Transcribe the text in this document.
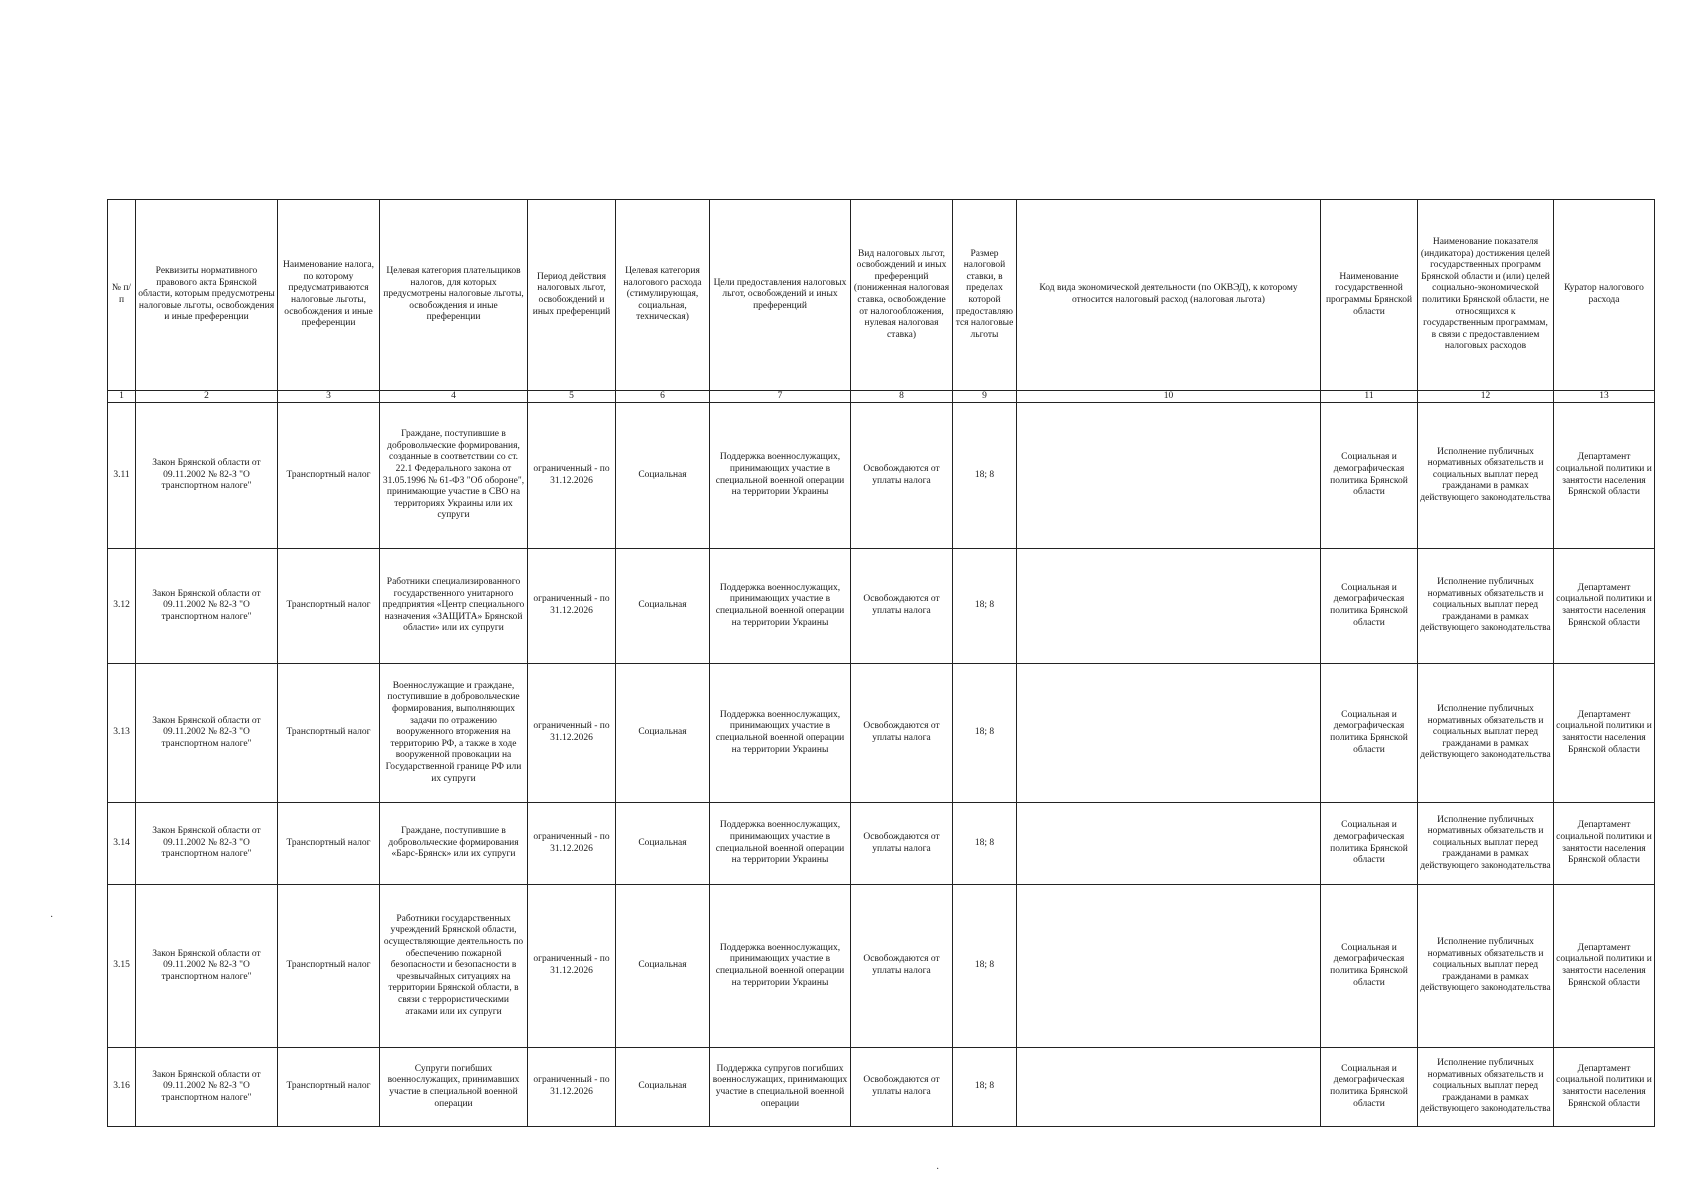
№ п/п	Реквизиты нормативного правового акта Брянской области, которым предусмотрены налоговые льготы, освобождения и иные преференции	Наименование налога, по которому предусматриваются налоговые льготы, освобождения и иные преференции	Целевая категория плательщиков налогов, для которых предусмотрены налоговые льготы, освобождения и иные преференции	Период действия налоговых льгот, освобождений и иных преференций	Целевая категория налогового расхода (стимулирующая, социальная, техническая)	Цели предоставления налоговых льгот, освобождений и иных преференций	Вид налоговых льгот, освобождений и иных преференций (пониженная налоговая ставка, освобождение от налогообложения, нулевая налоговая ставка)	Размер налоговой ставки, в пределах которой предоставляются налоговые льготы	Код вида экономической деятельности (по ОКВЭД), к которому относится налоговый расход (налоговая льгота)	Наименование государственной программы Брянской области	Наименование показателя (индикатора) достижения целей государственных программ Брянской области и (или) целей социально-экономической политики Брянской области, не относящихся к государственным программам, в связи с предоставлением налоговых расходов	Куратор налогового расхода
1	2	3	4	5	6	7	8	9	10	11	12	13
3.11	Закон Брянской области от 09.11.2002 № 82-З "О транспортном налоге"	Транспортный налог	Граждане, поступившие в добровольческие формирования, созданные в соответствии со ст. 22.1 Федерального закона от 31.05.1996 № 61-ФЗ "Об обороне", принимающие участие в СВО на территориях Украины или их супруги	ограниченный - по 31.12.2026	Социальная	Поддержка военнослужащих, принимающих участие в специальной военной операции на территории Украины	Освобождаются от уплаты налога	18; 8		Социальная и демографическая политика Брянской области	Исполнение публичных нормативных обязательств и социальных выплат перед гражданами в рамках действующего законодательства	Департамент социальной политики и занятости населения Брянской области
3.12	Закон Брянской области от 09.11.2002 № 82-З "О транспортном налоге"	Транспортный налог	Работники специализированного государственного унитарного предприятия «Центр специального назначения «ЗАЩИТА» Брянской области» или их супруги	ограниченный - по 31.12.2026	Социальная	Поддержка военнослужащих, принимающих участие в специальной военной операции на территории Украины	Освобождаются от уплаты налога	18; 8		Социальная и демографическая политика Брянской области	Исполнение публичных нормативных обязательств и социальных выплат перед гражданами в рамках действующего законодательства	Департамент социальной политики и занятости населения Брянской области
3.13	Закон Брянской области от 09.11.2002 № 82-З "О транспортном налоге"	Транспортный налог	Военнослужащие и граждане, поступившие в добровольческие формирования, выполняющих задачи по отражению вооруженного вторжения на территорию РФ, а также в ходе вооруженной провокации на Государственной границе РФ или их супруги	ограниченный - по 31.12.2026	Социальная	Поддержка военнослужащих, принимающих участие в специальной военной операции на территории Украины	Освобождаются от уплаты налога	18; 8		Социальная и демографическая политика Брянской области	Исполнение публичных нормативных обязательств и социальных выплат перед гражданами в рамках действующего законодательства	Департамент социальной политики и занятости населения Брянской области
3.14	Закон Брянской области от 09.11.2002 № 82-З "О транспортном налоге"	Транспортный налог	Граждане, поступившие в добровольческие формирования «Барс-Брянск» или их супруги	ограниченный - по 31.12.2026	Социальная	Поддержка военнослужащих, принимающих участие в специальной военной операции на территории Украины	Освобождаются от уплаты налога	18; 8		Социальная и демографическая политика Брянской области	Исполнение публичных нормативных обязательств и социальных выплат перед гражданами в рамках действующего законодательства	Департамент социальной политики и занятости населения Брянской области
3.15	Закон Брянской области от 09.11.2002 № 82-З "О транспортном налоге"	Транспортный налог	Работники государственных учреждений Брянской области, осуществляющие деятельность по обеспечению пожарной безопасности и безопасности в чрезвычайных ситуациях на территории Брянской области, в связи с террористическими атаками или их супруги	ограниченный - по 31.12.2026	Социальная	Поддержка военнослужащих, принимающих участие в специальной военной операции на территории Украины	Освобождаются от уплаты налога	18; 8		Социальная и демографическая политика Брянской области	Исполнение публичных нормативных обязательств и социальных выплат перед гражданами в рамках действующего законодательства	Департамент социальной политики и занятости населения Брянской области
3.16	Закон Брянской области от 09.11.2002 № 82-З "О транспортном налоге"	Транспортный налог	Супруги погибших военнослужащих, принимавших участие в специальной военной операции	ограниченный - по 31.12.2026	Социальная	Поддержка супругов погибших военнослужащих, принимающих участие в специальной военной операции	Освобождаются от уплаты налога	18; 8		Социальная и демографическая политика Брянской области	Исполнение публичных нормативных обязательств и социальных выплат перед гражданами в рамках действующего законодательства	Департамент социальной политики и занятости населения Брянской области
·
·
